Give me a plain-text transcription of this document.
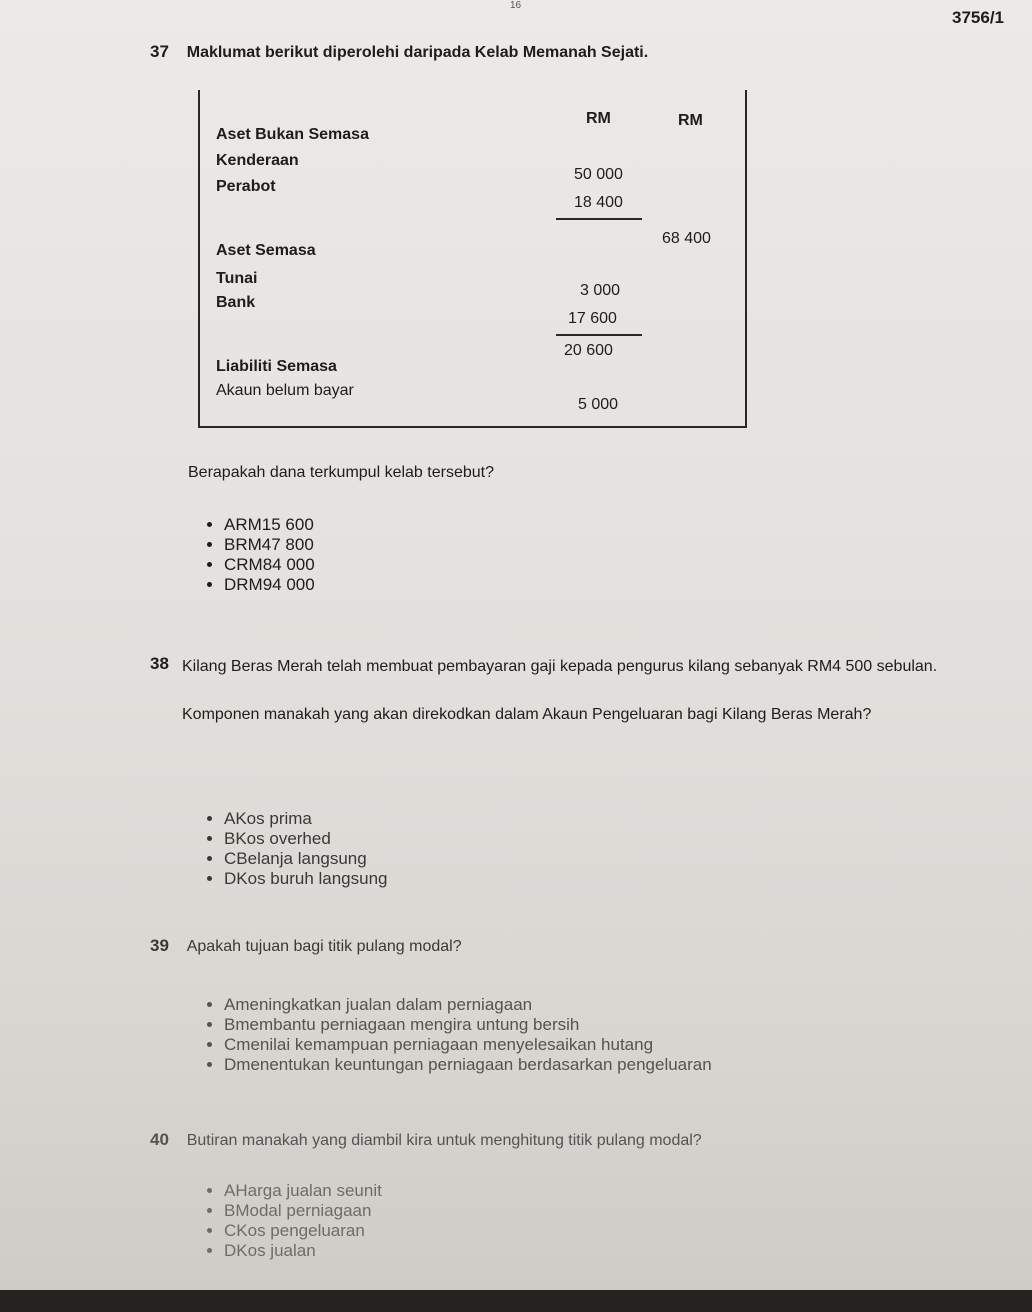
16
3756/1
37 Maklumat berikut diperolehi daripada Kelab Memanah Sejati.
RM	RM
Aset Bukan Semasa
Kenderaan
50 000
Perabot
18 400
68 400
Aset Semasa
Tunai
3 000
Bank
17 600
20 600
Liabiliti Semasa
Akaun belum bayar
5 000
Berapakah dana terkumpul kelab tersebut?
• ARM15 600
• BRM47 800
• CRM84 000
• DRM94 000
38 Kilang Beras Merah telah membuat pembayaran gaji kepada pengurus kilang sebanyak RM4 500 sebulan.
Komponen manakah yang akan direkodkan dalam Akaun Pengeluaran bagi Kilang Beras Merah?
• AKos prima
• BKos overhed
• CBelanja langsung
• DKos buruh langsung
39 Apakah tujuan bagi titik pulang modal?
• Ameningkatkan jualan dalam perniagaan
• Bmembantu perniagaan mengira untung bersih
• Cmenilai kemampuan perniagaan menyelesaikan hutang
• Dmenentukan keuntungan perniagaan berdasarkan pengeluaran
40 Butiran manakah yang diambil kira untuk menghitung titik pulang modal?
• AHarga jualan seunit
• BModal perniagaan
• CKos pengeluaran
• DKos jualan
